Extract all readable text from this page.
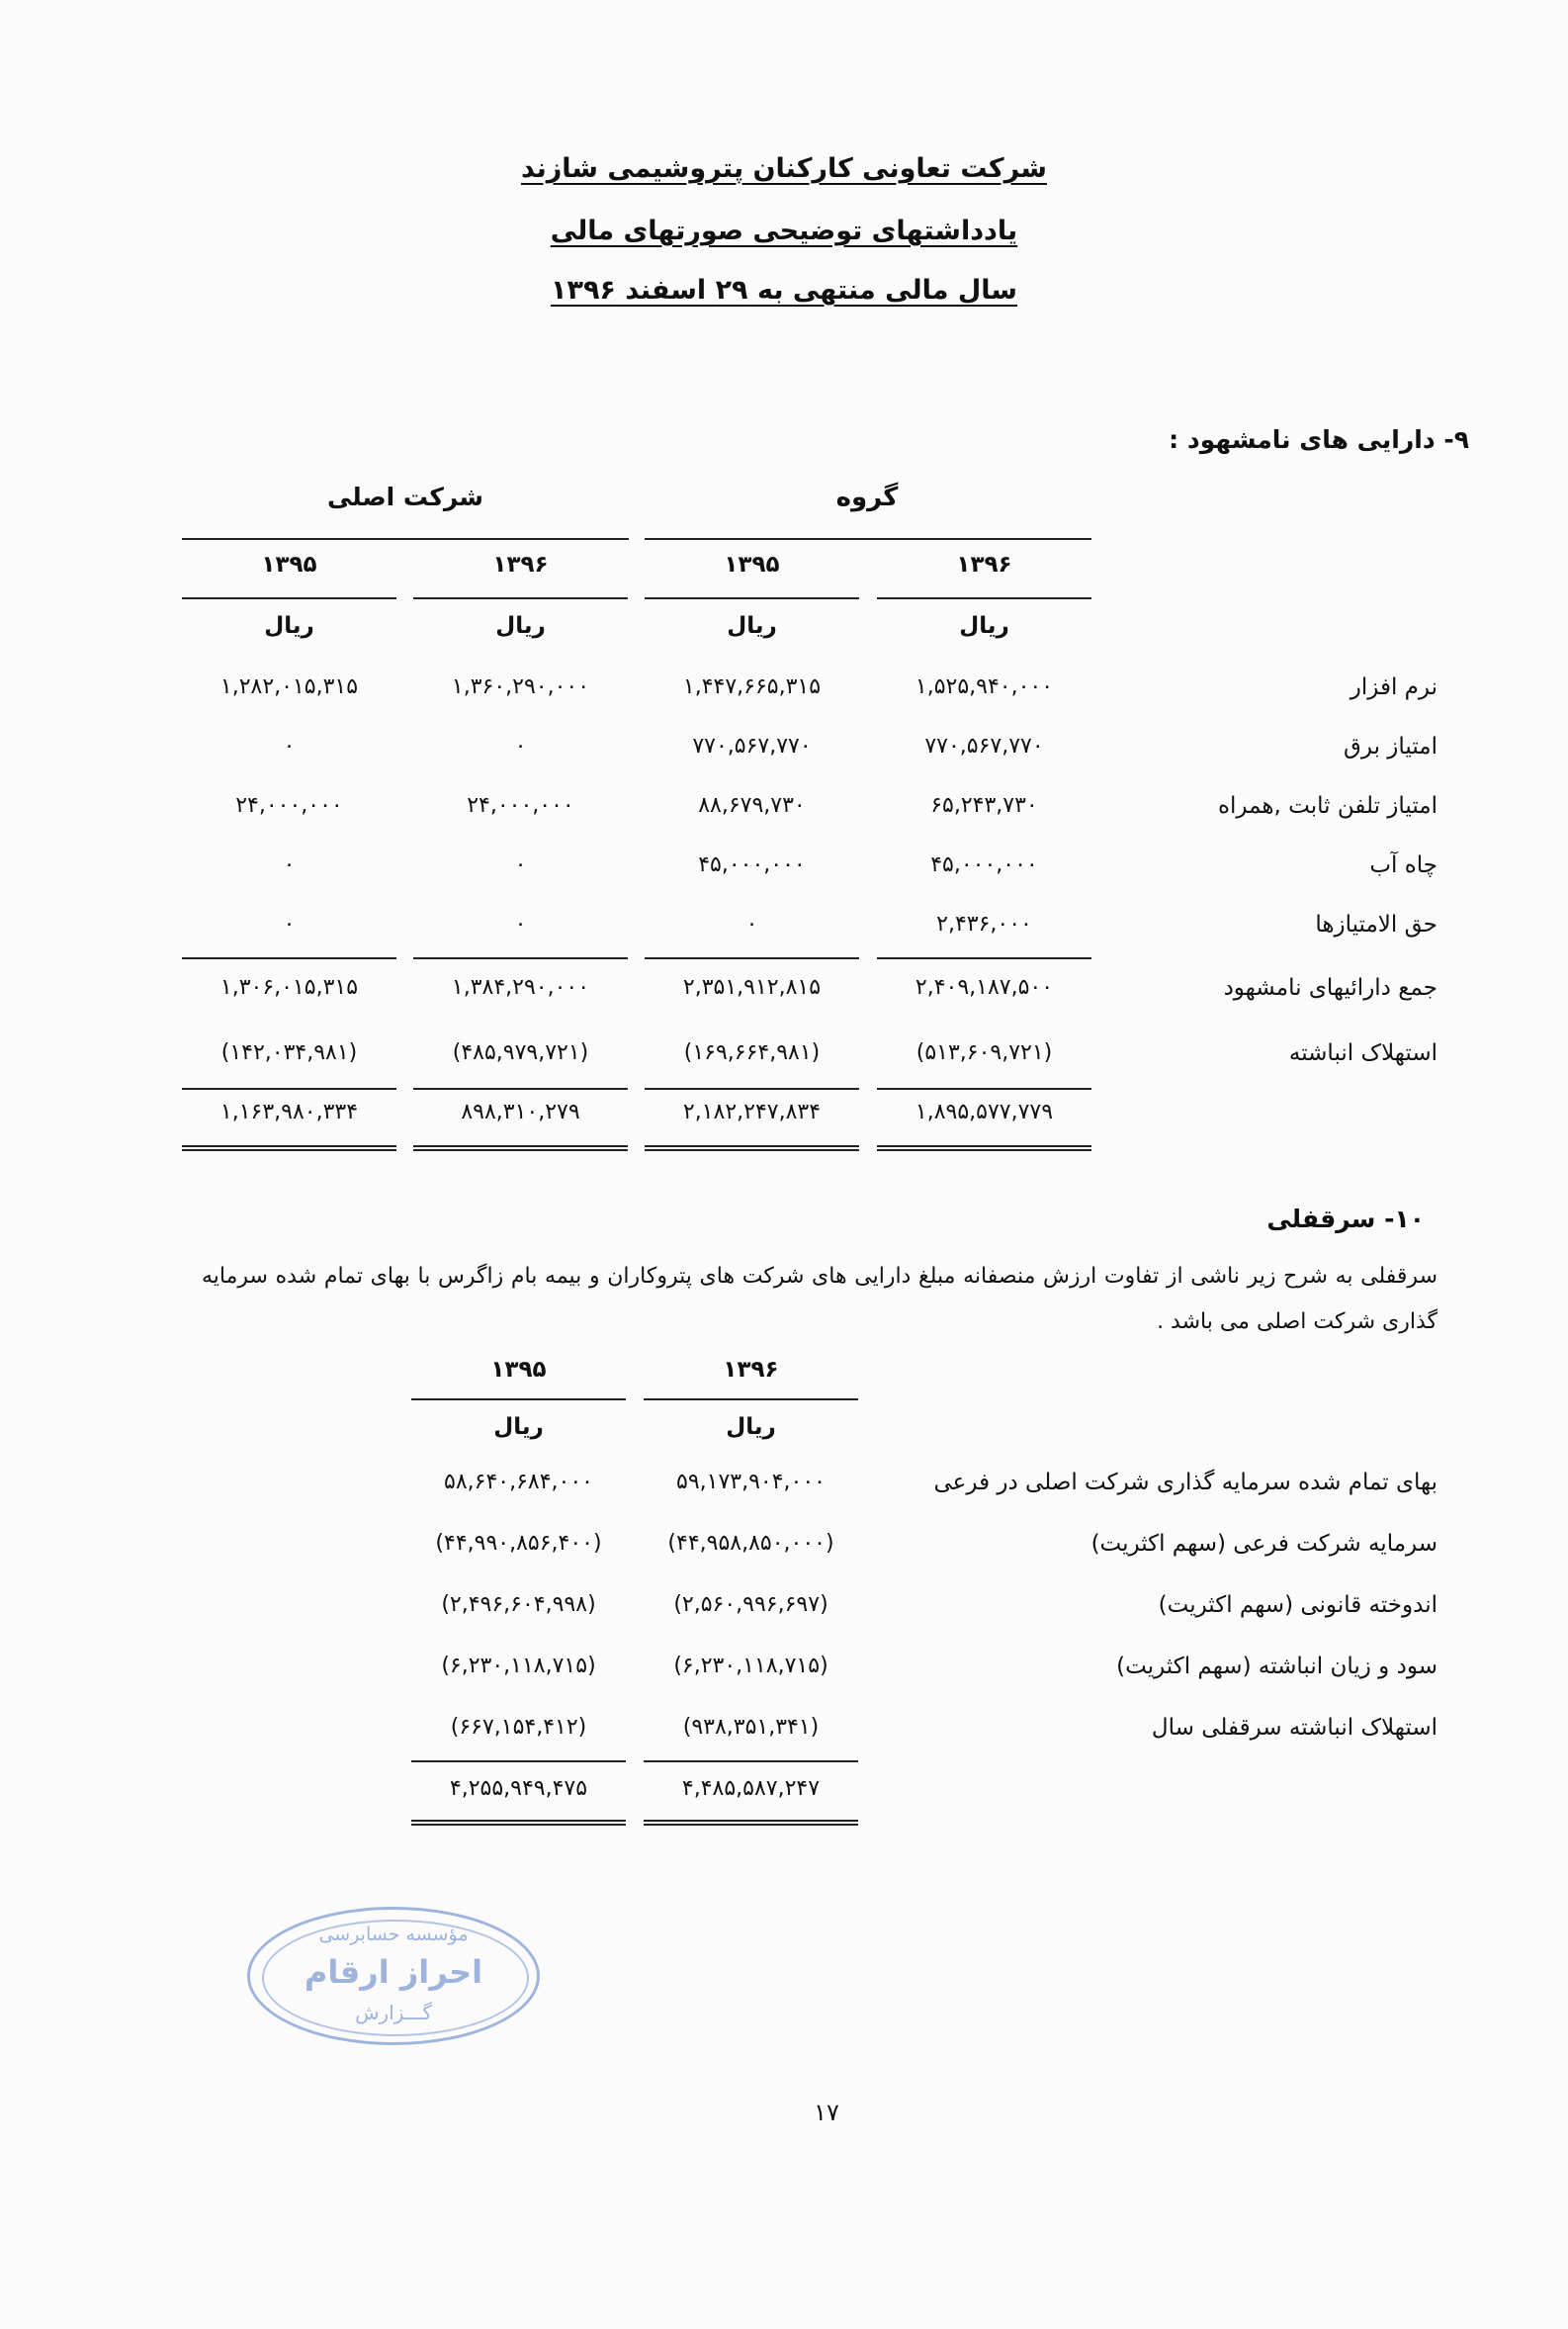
شرکت تعاونی کارکنان پتروشیمی شازند
یادداشتهای توضیحی صورتهای مالی
سال مالی منتهی به ۲۹ اسفند ۱۳۹۶
۹- دارایی های نامشهود :
گروه
شرکت اصلی
۱۳۹۶
۱۳۹۵
۱۳۹۶
۱۳۹۵
ریال
ریال
ریال
ریال
نرم افزار
۱,۵۲۵,۹۴۰,۰۰۰
۱,۴۴۷,۶۶۵,۳۱۵
۱,۳۶۰,۲۹۰,۰۰۰
۱,۲۸۲,۰۱۵,۳۱۵
امتیاز برق
۷۷۰,۵۶۷,۷۷۰
۷۷۰,۵۶۷,۷۷۰
۰
۰
امتیاز تلفن ثابت ,همراه
۶۵,۲۴۳,۷۳۰
۸۸,۶۷۹,۷۳۰
۲۴,۰۰۰,۰۰۰
۲۴,۰۰۰,۰۰۰
چاه آب
۴۵,۰۰۰,۰۰۰
۴۵,۰۰۰,۰۰۰
۰
۰
حق الامتیازها
۲,۴۳۶,۰۰۰
۰
۰
۰
جمع دارائیهای نامشهود
۲,۴۰۹,۱۸۷,۵۰۰
۲,۳۵۱,۹۱۲,۸۱۵
۱,۳۸۴,۲۹۰,۰۰۰
۱,۳۰۶,۰۱۵,۳۱۵
استهلاک انباشته
(۵۱۳,۶۰۹,۷۲۱)
(۱۶۹,۶۶۴,۹۸۱)
(۴۸۵,۹۷۹,۷۲۱)
(۱۴۲,۰۳۴,۹۸۱)
۱,۸۹۵,۵۷۷,۷۷۹
۲,۱۸۲,۲۴۷,۸۳۴
۸۹۸,۳۱۰,۲۷۹
۱,۱۶۳,۹۸۰,۳۳۴
۱۰- سرقفلی
سرقفلی به شرح زیر ناشی از تفاوت ارزش منصفانه مبلغ دارایی های شرکت های پتروکاران و بیمه بام زاگرس با بهای تمام شده سرمایه گذاری شرکت اصلی می باشد .
۱۳۹۶
۱۳۹۵
ریال
ریال
بهای تمام شده سرمایه گذاری شرکت اصلی در فرعی
۵۹,۱۷۳,۹۰۴,۰۰۰
۵۸,۶۴۰,۶۸۴,۰۰۰
سرمایه شرکت فرعی (سهم اکثریت)
(۴۴,۹۵۸,۸۵۰,۰۰۰)
(۴۴,۹۹۰,۸۵۶,۴۰۰)
اندوخته قانونی (سهم اکثریت)
(۲,۵۶۰,۹۹۶,۶۹۷)
(۲,۴۹۶,۶۰۴,۹۹۸)
سود و زیان انباشته (سهم اکثریت)
(۶,۲۳۰,۱۱۸,۷۱۵)
(۶,۲۳۰,۱۱۸,۷۱۵)
استهلاک انباشته سرقفلی سال
(۹۳۸,۳۵۱,۳۴۱)
(۶۶۷,۱۵۴,۴۱۲)
۴,۴۸۵,۵۸۷,۲۴۷
۴,۲۵۵,۹۴۹,۴۷۵
مؤسسه حسابرسی
احراز ارقام
گـــزارش
۱۷
